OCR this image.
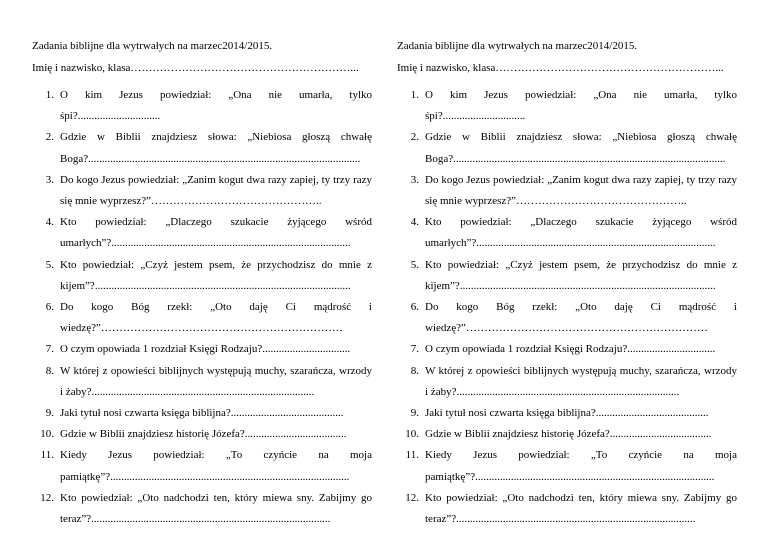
Zadania biblijne dla wytrwałych na marzec2014/2015.
Imię i nazwisko, klasa……………………………………………………...
1. O kim Jezus powiedział: „Ona nie umarła, tylko śpi?..............................
2. Gdzie w Biblii znajdziesz słowa: „Niebiosa głoszą chwałę Boga?...................................................................................................
3. Do kogo Jezus powiedział: „Zanim kogut dwa razy zapiej, ty trzy razy się mnie wyprzesz?”………………………………………..
4. Kto powiedział: „Dlaczego szukacie żyjącego wśród umarłych”?.......................................................................................
5. Kto powiedział: „Czyż jestem psem, że przychodzisz do mnie z kijem”?.............................................................................................
6. Do kogo Bóg rzekł: „Oto daję Ci mądrość i wiedzę?”…………………………………………………………
7. O czym opowiada 1 rozdział Księgi Rodzaju?................................
8. W której z opowieści biblijnych występują muchy, szarańcza, wrzody i żaby?.................................................................................
9. Jaki tytuł nosi czwarta księga biblijna?.........................................
10. Gdzie w Biblii znajdziesz historię Józefa?.....................................
11. Kiedy Jezus powiedział: „To czyńcie na moja pamiątkę”?.......................................................................................
12. Kto powiedział: „Oto nadchodzi ten, który miewa sny. Zabijmy go teraz”?.......................................................................................
Zadania biblijne dla wytrwałych na marzec2014/2015.
Imię i nazwisko, klasa……………………………………………………...
1. O kim Jezus powiedział: „Ona nie umarła, tylko śpi?..............................
2. Gdzie w Biblii znajdziesz słowa: „Niebiosa głoszą chwałę Boga?...................................................................................................
3. Do kogo Jezus powiedział: „Zanim kogut dwa razy zapiej, ty trzy razy się mnie wyprzesz?”………………………………………..
4. Kto powiedział: „Dlaczego szukacie żyjącego wśród umarłych”?.......................................................................................
5. Kto powiedział: „Czyż jestem psem, że przychodzisz do mnie z kijem”?.............................................................................................
6. Do kogo Bóg rzekł: „Oto daję Ci mądrość i wiedzę?”…………………………………………………………
7. O czym opowiada 1 rozdział Księgi Rodzaju?................................
8. W której z opowieści biblijnych występują muchy, szarańcza, wrzody i żaby?.................................................................................
9. Jaki tytuł nosi czwarta księga biblijna?.........................................
10. Gdzie w Biblii znajdziesz historię Józefa?.....................................
11. Kiedy Jezus powiedział: „To czyńcie na moja pamiątkę”?.......................................................................................
12. Kto powiedział: „Oto nadchodzi ten, który miewa sny. Zabijmy go teraz”?.......................................................................................
